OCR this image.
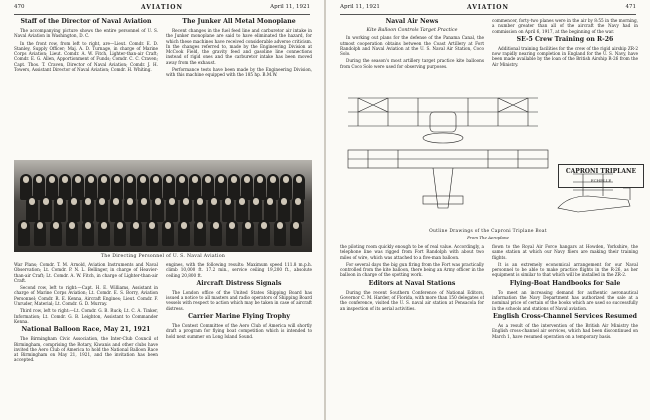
470	AVIATION	April 11, 1921

Staff of the Director of Naval Aviation

The accompanying picture shows the entire personnel of U. S. Naval Aviation in Washington, D. C.

In the front row, from left to right, are—Lieut. Comdr. E. D. Stanley, Supply Officer; Maj. A. D. Turnage, in charge of Marine Corps Aviation; Lieut. Comdr. A. W. Fitch, Lighter-than-air Craft; Comdr. E. G. Allen, Apportionment of Funds; Comdr. C. C. Craven; Capt. Thos. T. Craven, Director of Naval Aviation; Comdr. J. H. Towers, Assistant Director of Naval Aviation; Comdr. H. Whiting.

The Junker All Metal Monoplane

Recent changes in the fuel feed line and carburetor air intake in the Junker monoplane are said to have eliminated the hazard, for which these machines have received considerable adverse criticism. In the changes referred to, made by the Engineering Division at McCook Field, the gravity feed and gasoline line connections instead of rigid ones and the carburetor intake has been moved away from the exhaust.

Performance tests have been made by the Engineering Division, with this machine equipped with the 185 hp. B.M.W.

The Directing Personnel of U. S. Naval Aviation

War Plans; Comdr. T. M. Arnold, Aviation Instruments and Naval Observation; Lt. Comdr. P. N. L. Bellinger, in charge of Heavier-than-air Craft; Lt. Comdr. A. W. Fitch, in charge of Lighter-than-air Craft.

Second row, left to right:—Capt. H. E. Williams, Assistant in charge of Marine Corps Aviation; Lt. Comdr. E. S. Borry, Aviation Personnel; Comdr. R. E. Kenna, Aircraft Engines; Lieut. Comdr. F. Unruder, Material; Lt. Comdr. G. D. Murray.

Third row, left to right:—Lt. Comdr. G. B. Ruck; Lt. C. A. Tinker, Information; Lt. Comdr. G. B. Leighton, Assistant to Commander Kenna.

National Balloon Race, May 21, 1921

The Birmingham Civic Association, the Inter-Club Council of Birmingham, comprising the Rotary, Kiwanis and other clubs have invited the Aero Club of America to hold the National Balloon Race at Birmingham on May 21, 1921, and the invitation has been accepted.

engines, with the following results: Maximum speed 111.8 m.p.h. climb 10,000 ft. 17.2 min., service ceiling 19,200 ft., absolute ceiling 20,800 ft.

Aircraft Distress Signals

The London office of the United States Shipping Board has issued a notice to all masters and radio operators of Shipping Board vessels with respect to action which may be taken in case of aircraft distress.

Carrier Marine Flying Trophy

The Contest Committee of the Aero Club of America will shortly draft a program for flying boat competition which is intended to hold next summer on Long Island Sound.

April 11, 1921	AVIATION	471

Naval Air News

Kite Balloon Controls Target Practice

In working out plans for the defense of the Panama Canal, the utmost cooperation obtains between the Coast Artillery at Fort Randolph and Naval Aviation at the U. S. Naval Air Station, Coco Solo.

During the season's most artillery target practice kite balloons from Coco Solo were used for observing purposes.

commencer, forty-two planes were in the air by 8:55 in the morning, a number greater than all of the aircraft the Navy had in commission on April 6, 1917, at the beginning of the war.

SE-5 Crew Training on R-26

Additional training facilities for the crew of the rigid airship ZR-2 now rapidly nearing completion in England for the U. S. Navy, have been made available by the loan of the British Airship R-26 from the Air Ministry.

CAPRONI TRIPLANE
ECHELLE
Outline Drawings of the Caproni Triplane Boat
From The Aeroplane

the piloting room quickly enough to be of real value. Accordingly, a telephone line was rigged from Fort Randolph with about two miles of wire, which was attached to a five-man balloon.

For several days the big gun firing from the Fort was practically controlled from the kite balloon, there being an Army officer in the balloon in charge of the spotting work.

Editors at Naval Stations

During the recent Southern Conference of National Editors, Governor C. M. Harder, of Florida, with more than 150 delegates of the conference, visited the U. S. naval air station at Pensacola for an inspection of its aerial activities.

flown to the Royal Air Force hangars at Howden, Yorkshire, the same station at which our Navy fliers are making their training flights.

It is an extremely economical arrangement for our Naval personnel to be able to make practice flights in the R-26, as her equipment is similar to that which will be installed in the ZR-2.

Flying-Boat Handbooks for Sale

To meet an increasing demand for authentic aeronautical information the Navy Department has authorized the sale at a nominal price of certain of the books which are used so successfully in the schools and stations of Naval aviation.

English Cross-Channel Services Resumed

As a result of the intervention of the British Air Ministry the English cross-channel air services, which had been discontinued on March 1, have resumed operation on a temporary basis.
